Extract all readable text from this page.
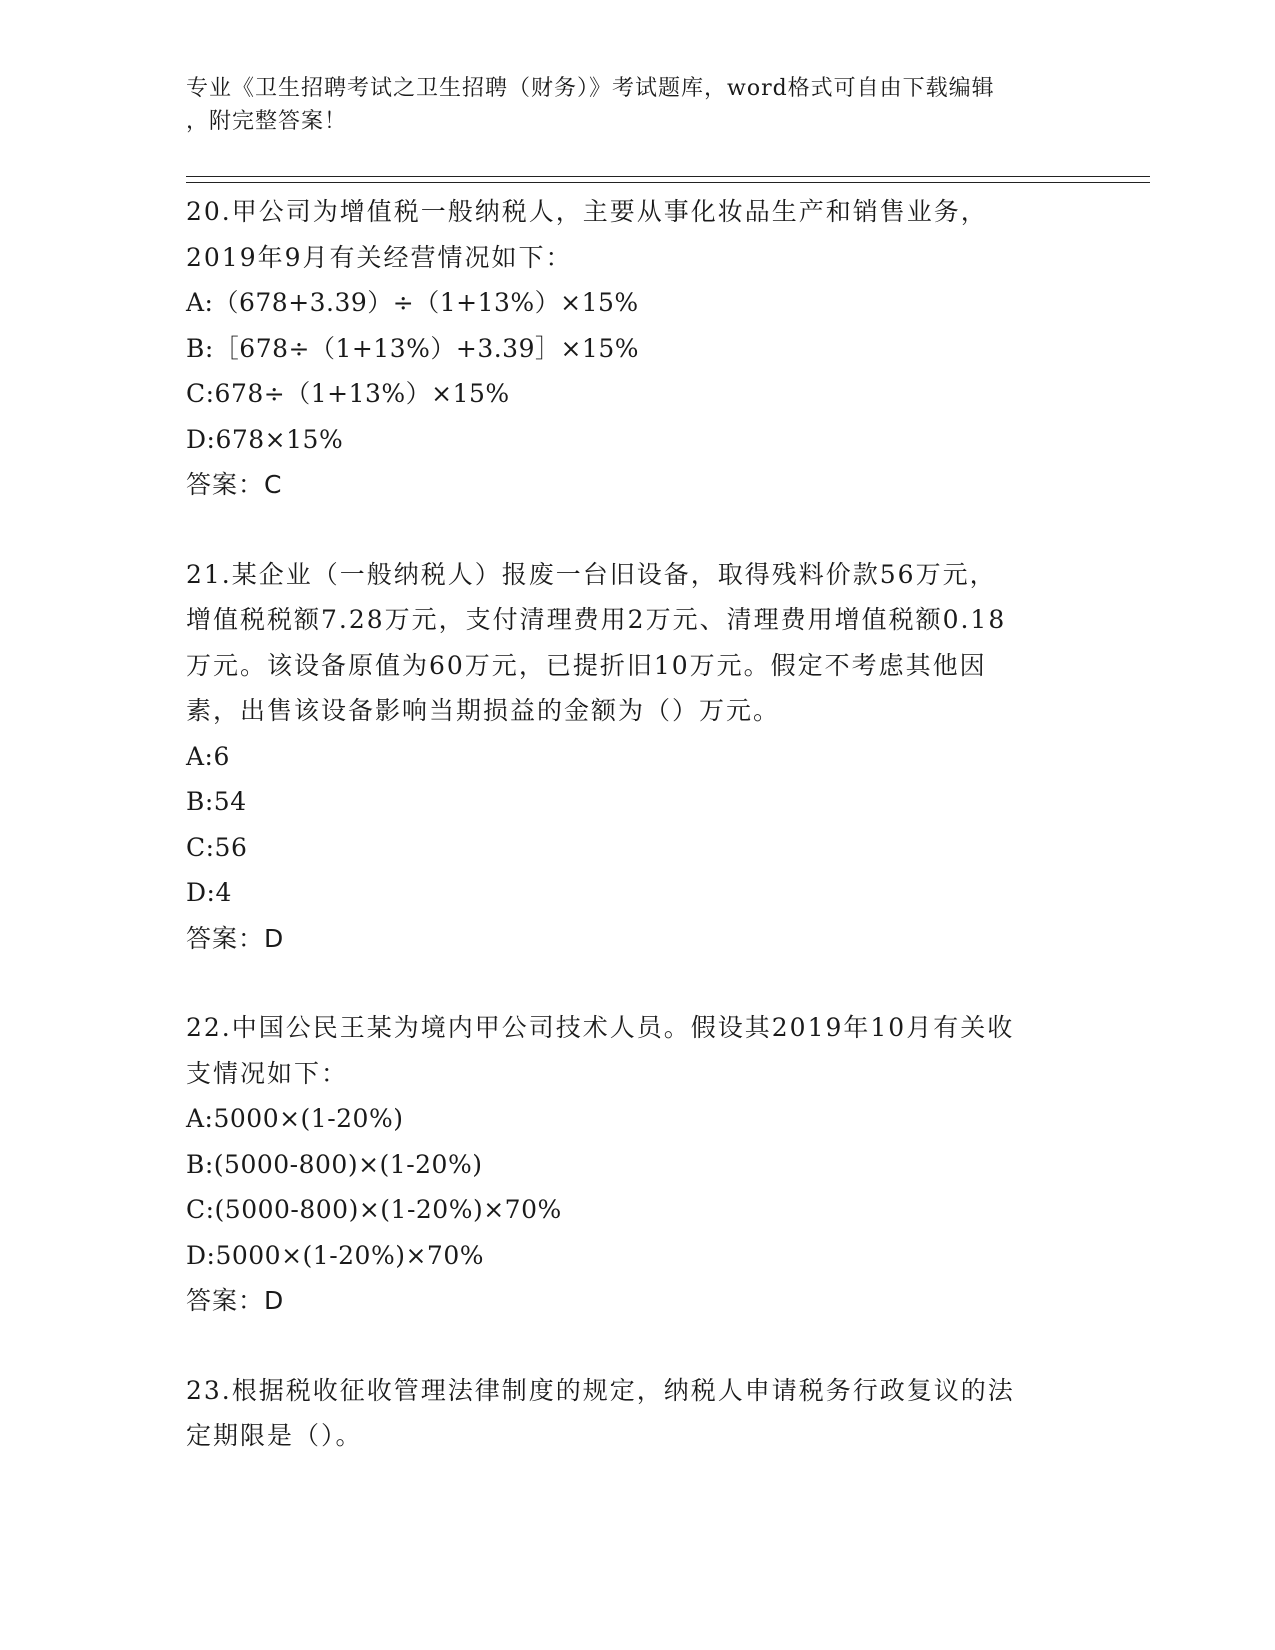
专业《卫生招聘考试之卫生招聘（财务）》考试题库，word格式可自由下载编辑
，附完整答案！
20.甲公司为增值税一般纳税人，主要从事化妆品生产和销售业务，
2019年9月有关经营情况如下：
A:（678+3.39）÷（1+13%）×15%
B:［678÷（1+13%）+3.39］×15%
C:678÷（1+13%）×15%
D:678×15%
答案：C
21.某企业（一般纳税人）报废一台旧设备，取得残料价款56万元，
增值税税额7.28万元，支付清理费用2万元、清理费用增值税额0.18
万元。该设备原值为60万元，已提折旧10万元。假定不考虑其他因
素，出售该设备影响当期损益的金额为（）万元。
A:6
B:54
C:56
D:4
答案：D
22.中国公民王某为境内甲公司技术人员。假设其2019年10月有关收
支情况如下：
A:5000×(1-20%)
B:(5000-800)×(1-20%)
C:(5000-800)×(1-20%)×70%
D:5000×(1-20%)×70%
答案：D
23.根据税收征收管理法律制度的规定，纳税人申请税务行政复议的法
定期限是（）。
